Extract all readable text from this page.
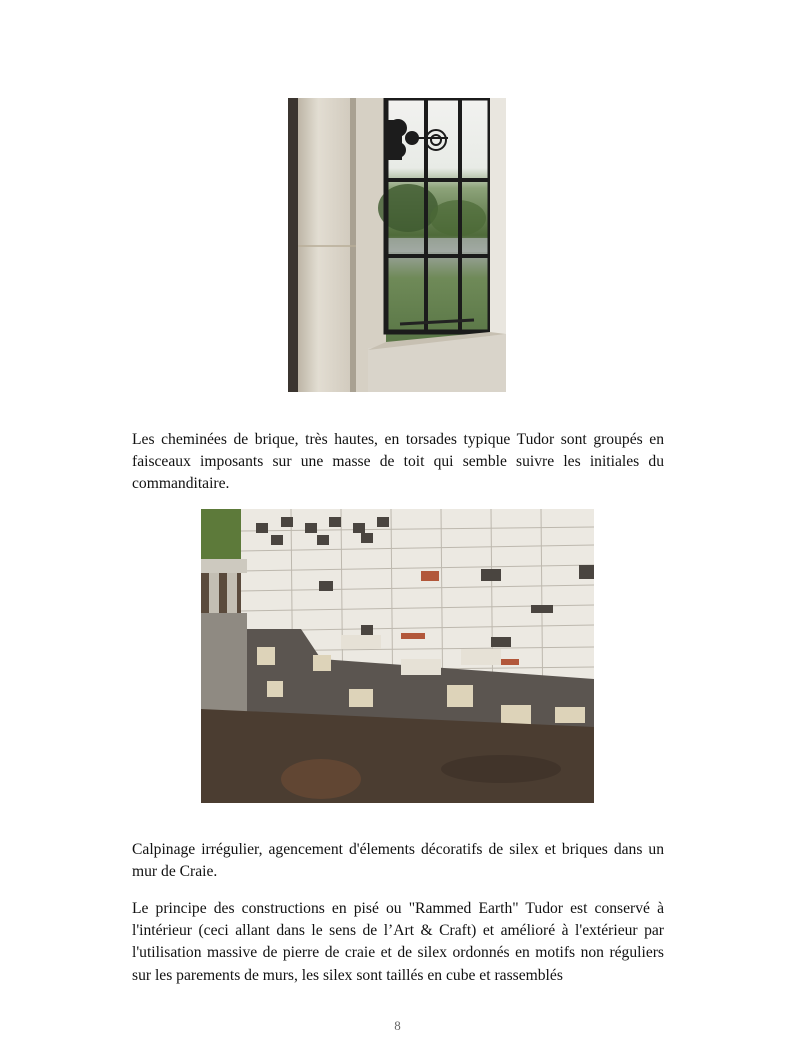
Les cheminées de brique, très hautes, en torsades typique Tudor sont groupés en faisceaux imposants sur une masse de toit qui semble suivre les initiales du commanditaire.

Calpinage irrégulier, agencement d'élements décoratifs de silex et briques dans un mur de Craie.

Le principe des constructions en pisé ou "Rammed Earth" Tudor est conservé à l'intérieur (ceci allant dans le sens de l’Art & Craft) et amélioré à l'extérieur par l'utilisation massive de pierre de craie et de silex ordonnés en motifs non réguliers sur les parements de murs, les silex sont taillés en cube et rassemblés

8
